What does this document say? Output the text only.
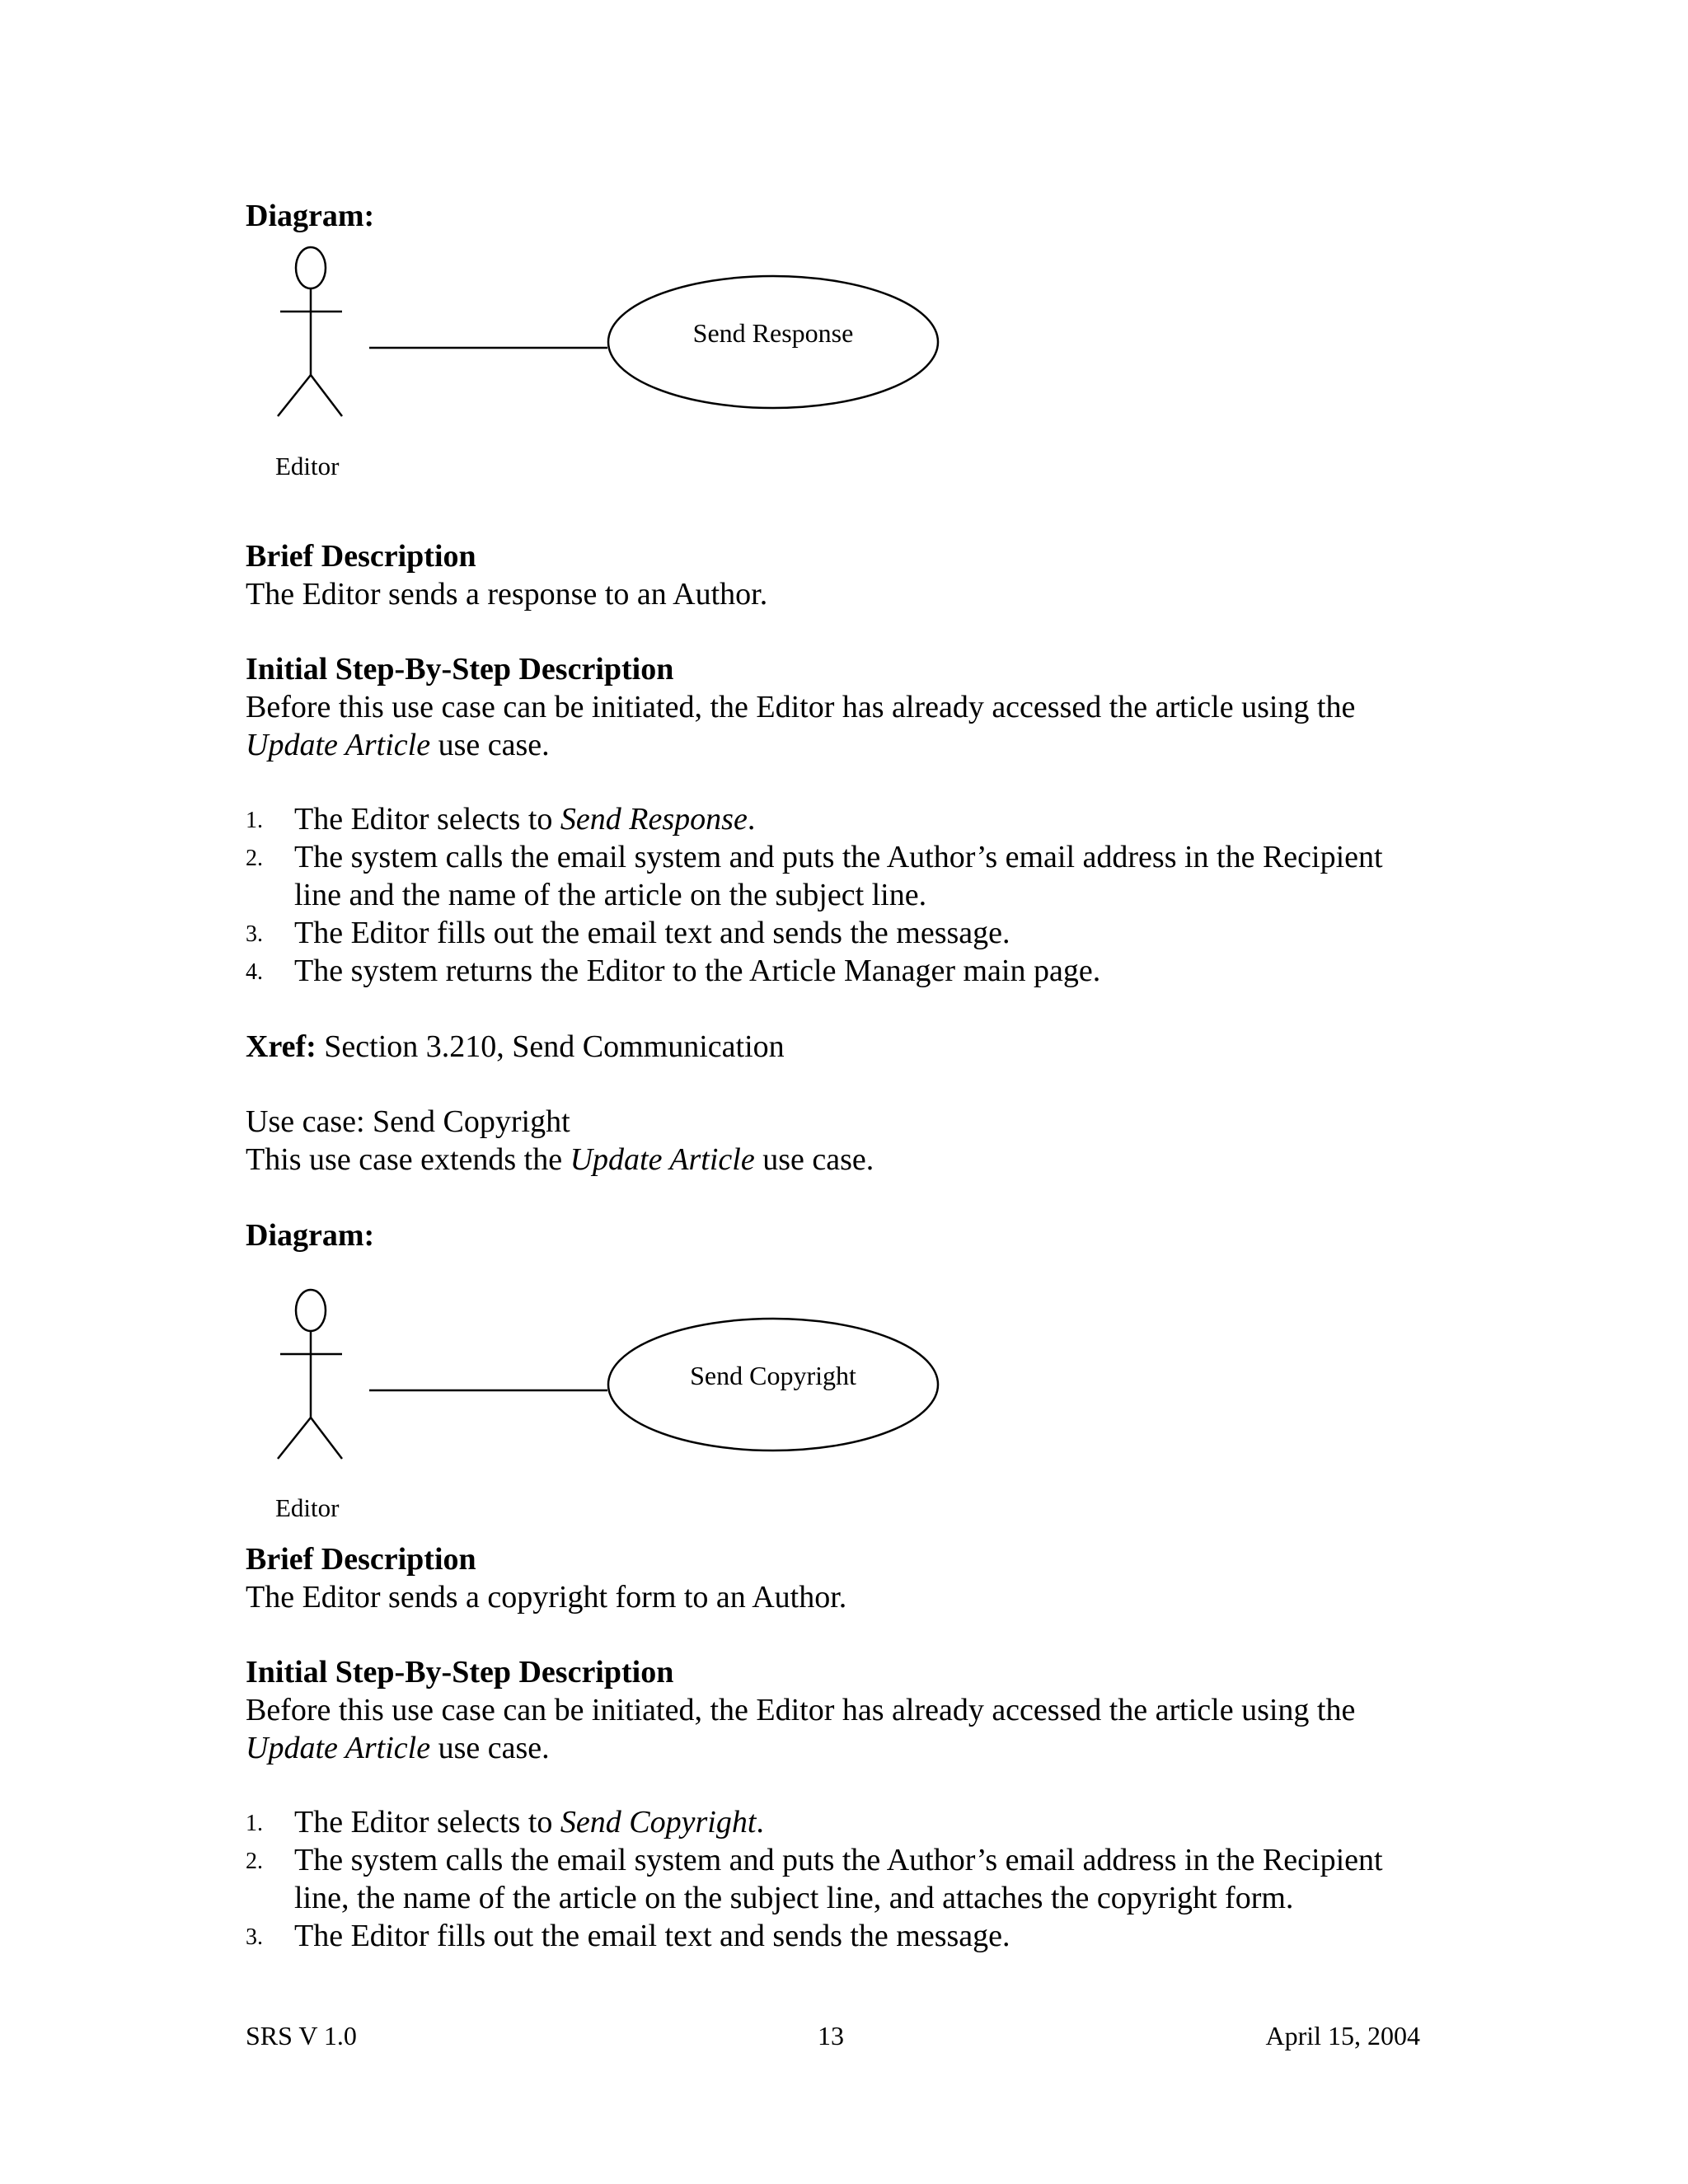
Diagram:
Send Response
Editor
Brief Description
The Editor sends a response to an Author.
Initial Step-By-Step Description
Before this use case can be initiated, the Editor has already accessed the article using the
Update Article use case.
1. The Editor selects to Send Response.
2. The system calls the email system and puts the Author’s email address in the Recipient
line and the name of the article on the subject line.
3. The Editor fills out the email text and sends the message.
4. The system returns the Editor to the Article Manager main page.
Xref: Section 3.210, Send Communication
Use case: Send Copyright
This use case extends the Update Article use case.
Diagram:
Send Copyright
Editor
Brief Description
The Editor sends a copyright form to an Author.
Initial Step-By-Step Description
Before this use case can be initiated, the Editor has already accessed the article using the
Update Article use case.
1. The Editor selects to Send Copyright.
2. The system calls the email system and puts the Author’s email address in the Recipient
line, the name of the article on the subject line, and attaches the copyright form.
3. The Editor fills out the email text and sends the message.
SRS V 1.0	13	April 15, 2004
